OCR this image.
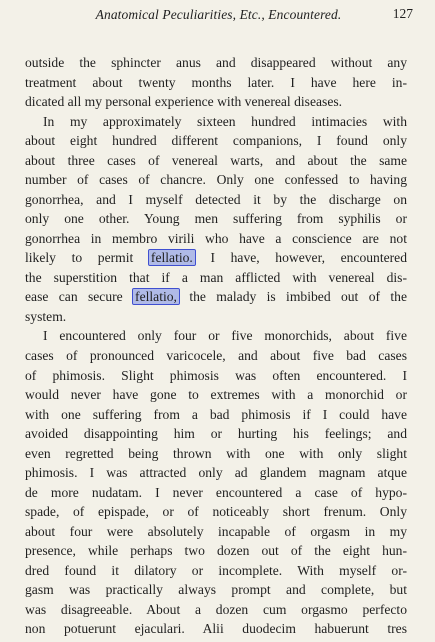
Anatomical Peculiarities, Etc., Encountered.	127
outside the sphincter anus and disappeared without any
treatment about twenty months later. I have here in-
dicated all my personal experience with venereal diseases.
In my approximately sixteen hundred intimacies with
about eight hundred different companions, I found only
about three cases of venereal warts, and about the same
number of cases of chancre. Only one confessed to having
gonorrhea, and I myself detected it by the discharge on
only one other. Young men suffering from syphilis or
gonorrhea in membro virili who have a conscience are not
likely to permit fellatio. I have, however, encountered
the superstition that if a man afflicted with venereal dis-
ease can secure fellatio, the malady is imbibed out of the
system.
I encountered only four or five monorchids, about five
cases of pronounced varicocele, and about five bad cases
of phimosis. Slight phimosis was often encountered. I
would never have gone to extremes with a monorchid or
with one suffering from a bad phimosis if I could have
avoided disappointing him or hurting his feelings; and
even regretted being thrown with one with only slight
phimosis. I was attracted only ad glandem magnam atque
de more nudatam. I never encountered a case of hypo-
spade, of epispade, or of noticeably short frenum. Only
about four were absolutely incapable of orgasm in my
presence, while perhaps two dozen out of the eight hun-
dred found it dilatory or incomplete. With myself or-
gasm was practically always prompt and complete, but
was disagreeable. About a dozen cum orgasmo perfecto
non potuerunt ejaculari. Alii duodecim habuerunt tres
